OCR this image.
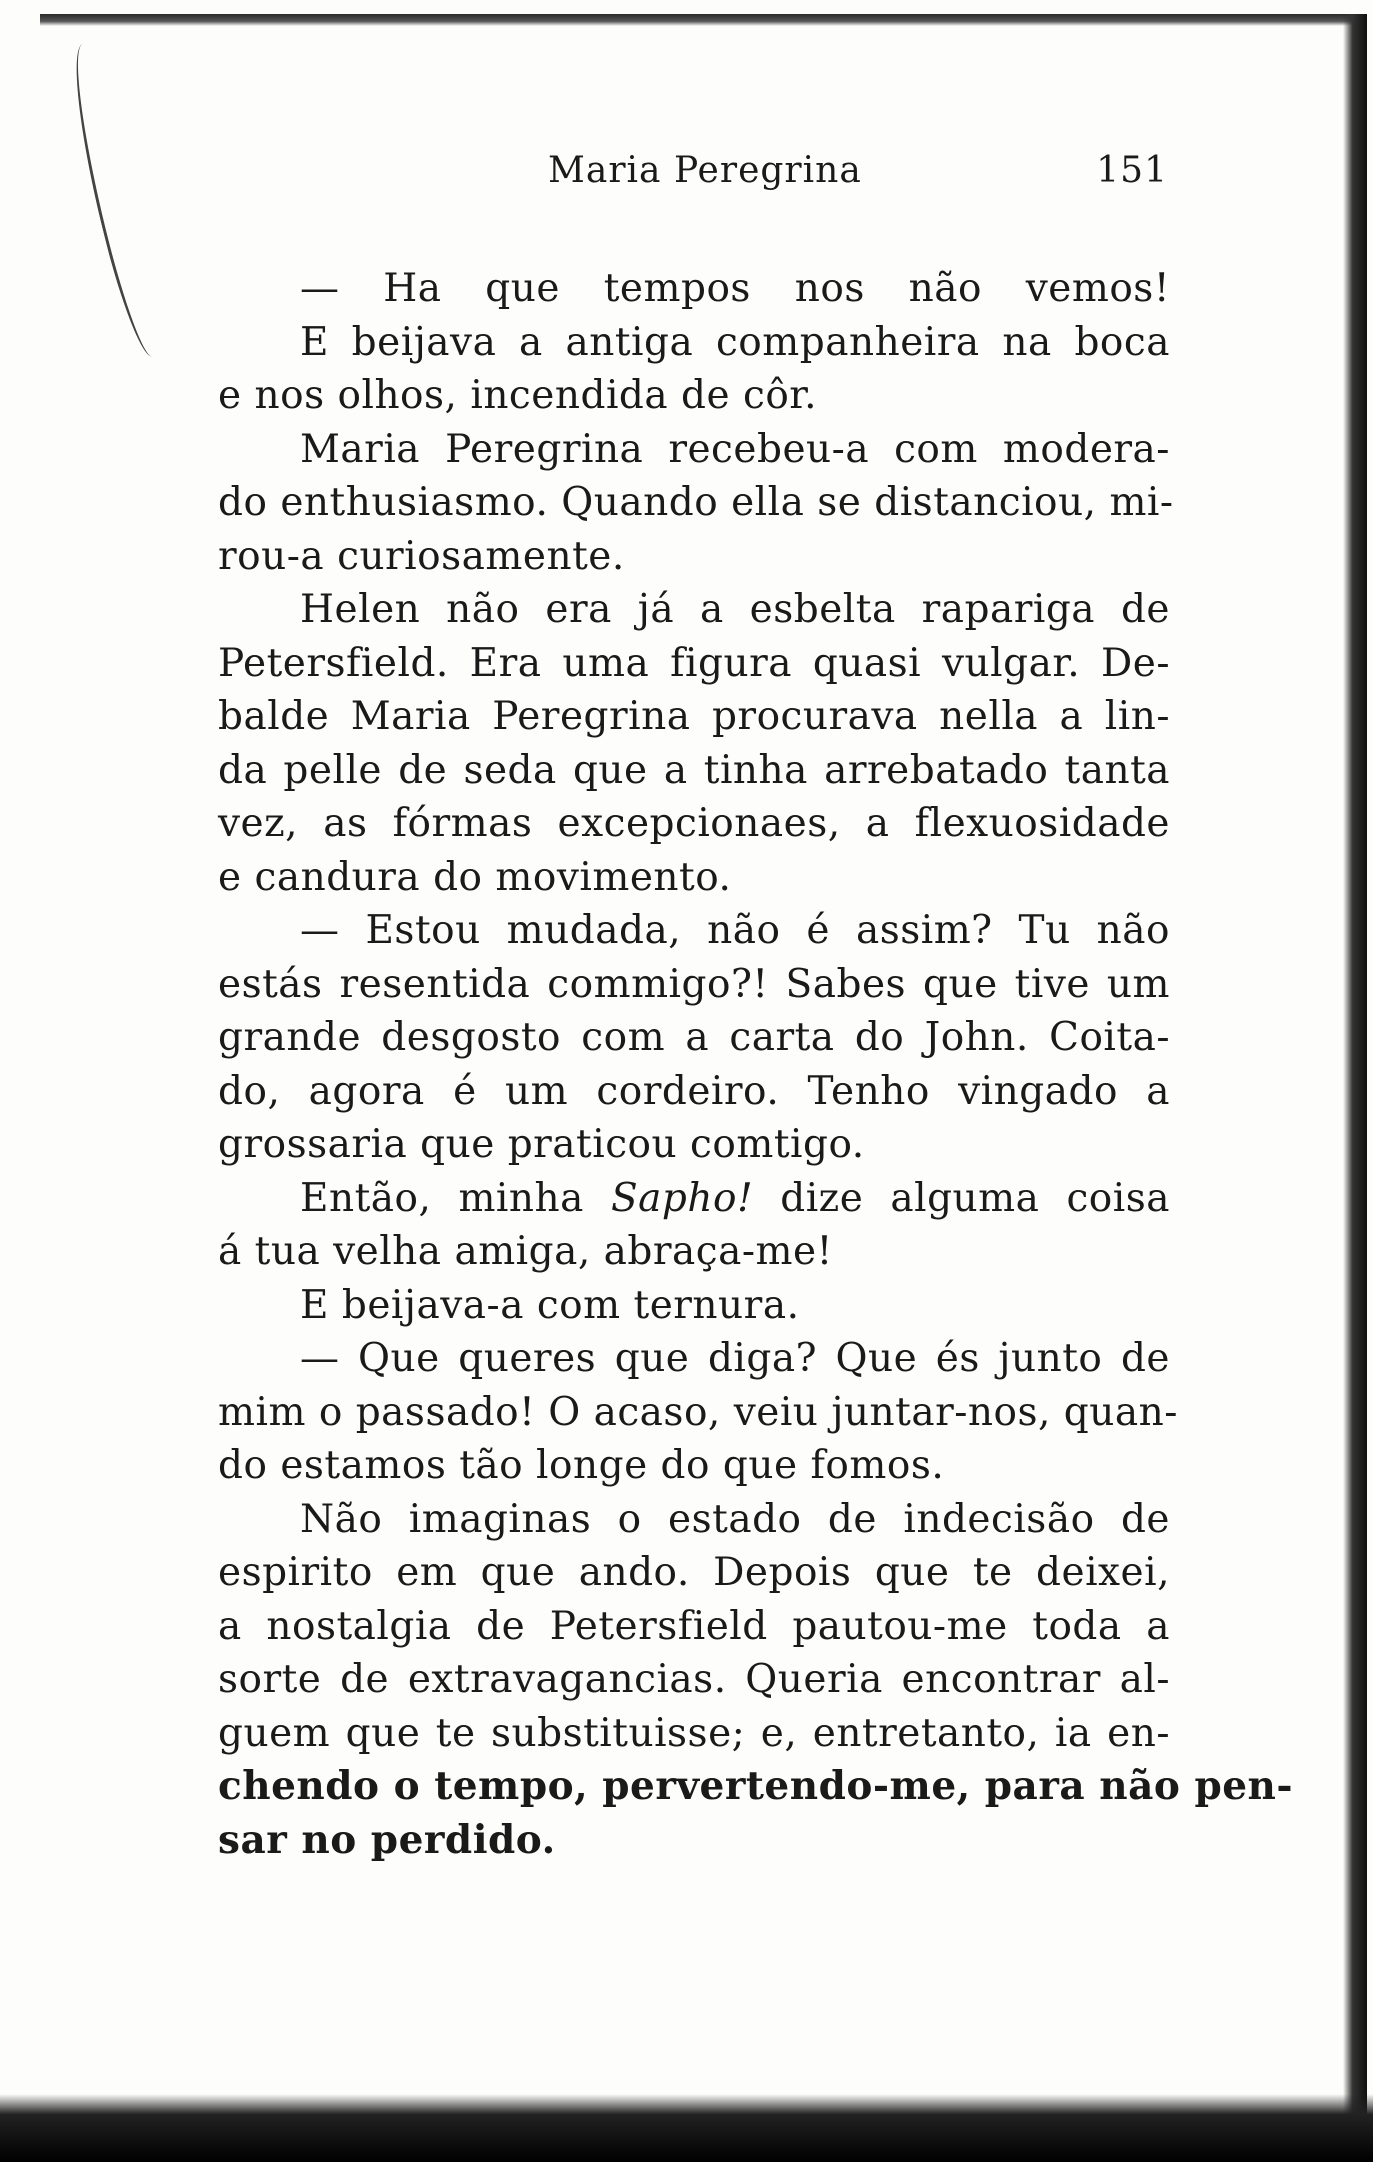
Maria Peregrina	151
— Ha que tempos nos não vemos!
E beijava a antiga companheira na boca
e nos olhos, incendida de côr.
Maria Peregrina recebeu-a com modera-
do enthusiasmo. Quando ella se distanciou, mi-
rou-a curiosamente.
Helen não era já a esbelta rapariga de
Petersfield. Era uma figura quasi vulgar. De-
balde Maria Peregrina procurava nella a lin-
da pelle de seda que a tinha arrebatado tanta
vez, as fórmas excepcionaes, a flexuosidade
e candura do movimento.
— Estou mudada, não é assim? Tu não
estás resentida commigo?! Sabes que tive um
grande desgosto com a carta do John. Coita-
do, agora é um cordeiro. Tenho vingado a
grossaria que praticou comtigo.
Então, minha Sapho! dize alguma coisa
á tua velha amiga, abraça-me!
E beijava-a com ternura.
— Que queres que diga? Que és junto de
mim o passado! O acaso, veiu juntar-nos, quan-
do estamos tão longe do que fomos.
Não imaginas o estado de indecisão de
espirito em que ando. Depois que te deixei,
a nostalgia de Petersfield pautou-me toda a
sorte de extravagancias. Queria encontrar al-
guem que te substituisse; e, entretanto, ia en-
chendo o tempo, pervertendo-me, para não pen-
sar no perdido.
